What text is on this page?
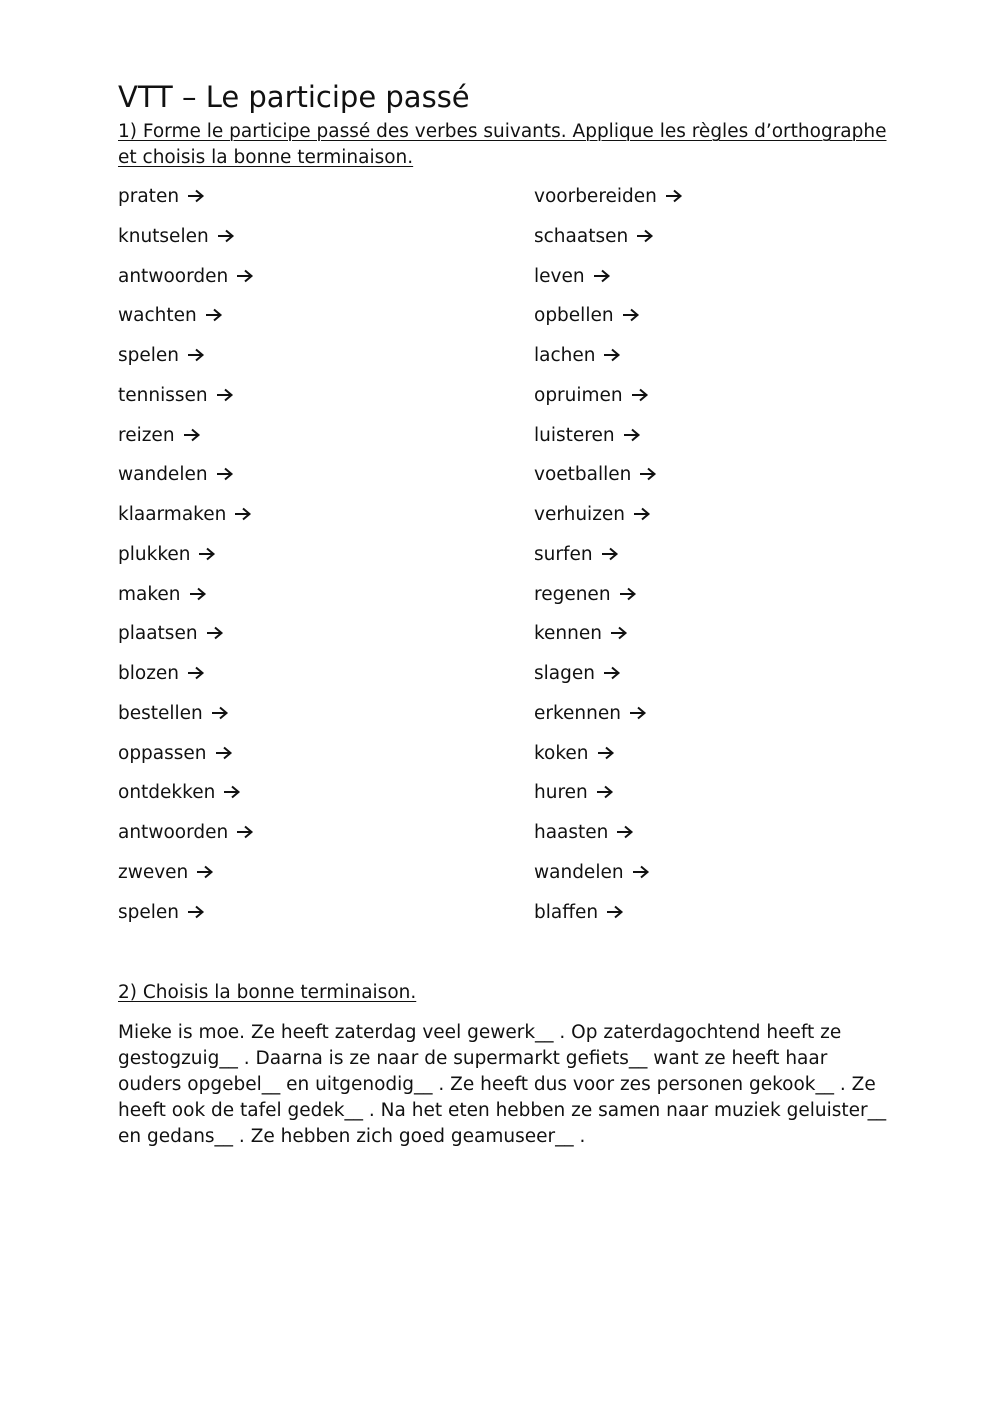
VTT – Le participe passé
1) Forme le participe passé des verbes suivants. Applique les règles d’orthographe et choisis la bonne terminaison.
praten	voorbereiden
knutselen	schaatsen
antwoorden	leven
wachten	opbellen
spelen	lachen
tennissen	opruimen
reizen	luisteren
wandelen	voetballen
klaarmaken	verhuizen
plukken	surfen
maken	regenen
plaatsen	kennen
blozen	slagen
bestellen	erkennen
oppassen	koken
ontdekken	huren
antwoorden	haasten
zweven	wandelen
spelen	blaffen
2) Choisis la bonne terminaison.
Mieke is moe. Ze heeft zaterdag veel gewerk__ . Op zaterdagochtend heeft ze gestogzuig__ . Daarna is ze naar de supermarkt gefiets__ want ze heeft haar ouders opgebel__ en uitgenodig__ . Ze heeft dus voor zes personen gekook__ . Ze heeft ook de tafel gedek__ . Na het eten hebben ze samen naar muziek geluister__ en gedans__ . Ze hebben zich goed geamuseer__ .
